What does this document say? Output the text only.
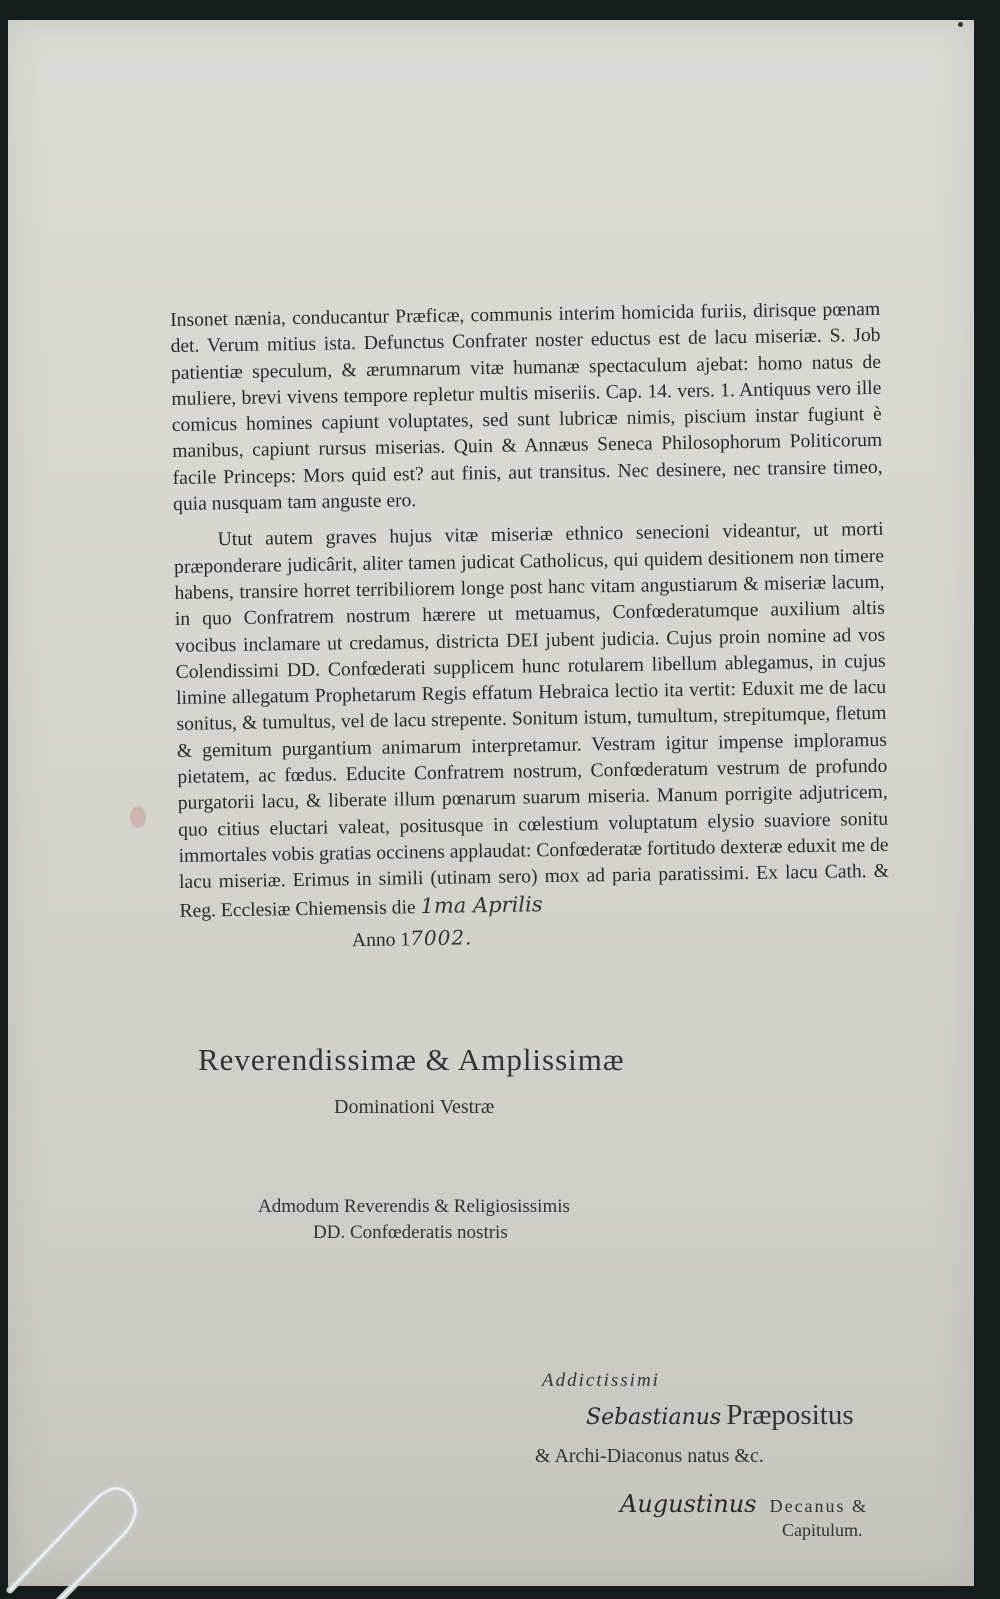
Insonet nænia, conducantur Præficæ, communis interim homicida furiis, dirisque pœnam det. Verum mitius ista. Defunctus Confrater noster eductus est de lacu miseriæ. S. Job patientiæ speculum, & ærumnarum vitæ humanæ spectaculum ajebat: homo natus de muliere, brevi vivens tempore repletur multis miseriis. Cap. 14. vers. 1. Antiquus vero ille comicus homines capiunt voluptates, sed sunt lubricæ nimis, piscium instar fugiunt è manibus, capiunt rursus miserias. Quin & Annæus Seneca Philosophorum Politicorum facile Princeps: Mors quid est? aut finis, aut transitus. Nec desinere, nec transire timeo, quia nusquam tam anguste ero.

Utut autem graves hujus vitæ miseriæ ethnico senecioni videantur, ut morti præponderare judicârit, aliter tamen judicat Catholicus, qui quidem desitionem non timere habens, transire horret terribiliorem longe post hanc vitam angustiarum & miseriæ lacum, in quo Confratrem nostrum hærere ut metuamus, Confœderatumque auxilium altis vocibus inclamare ut credamus, districta DEI jubent judicia. Cujus proin nomine ad vos Colendissimi DD. Confœderati supplicem hunc rotularem libellum ablegamus, in cujus limine allegatum Prophetarum Regis effatum Hebraica lectio ita vertit: Eduxit me de lacu sonitus, & tumultus, vel de lacu strepente. Sonitum istum, tumultum, strepitumque, fletum & gemitum purgantium animarum interpretamur. Vestram igitur impense imploramus pietatem, ac fœdus. Educite Confratrem nostrum, Confœderatum vestrum de profundo purgatorii lacu, & liberate illum pœnarum suarum miseria. Manum porrigite adjutricem, quo citius eluctari valeat, positusque in cœlestium voluptatum elysio suaviore sonitu immortales vobis gratias occinens applaudat: Confœderatæ fortitudo dexteræ eduxit me de lacu miseriæ. Erimus in simili (utinam sero) mox ad paria paratissimi. Ex lacu Cath. & Reg. Ecclesiæ Chiemensis die 1ma Aprilis

Anno 17002.
Reverendissimæ & Amplissimæ
Dominationi Vestræ
Admodum Reverendis & Religiosissimis
DD. Confœderatis nostris
Addictissimi
Sebastianus Præpositus
& Archi-Diaconus natus &c.
Augustinus Decanus &
Capitulum.
